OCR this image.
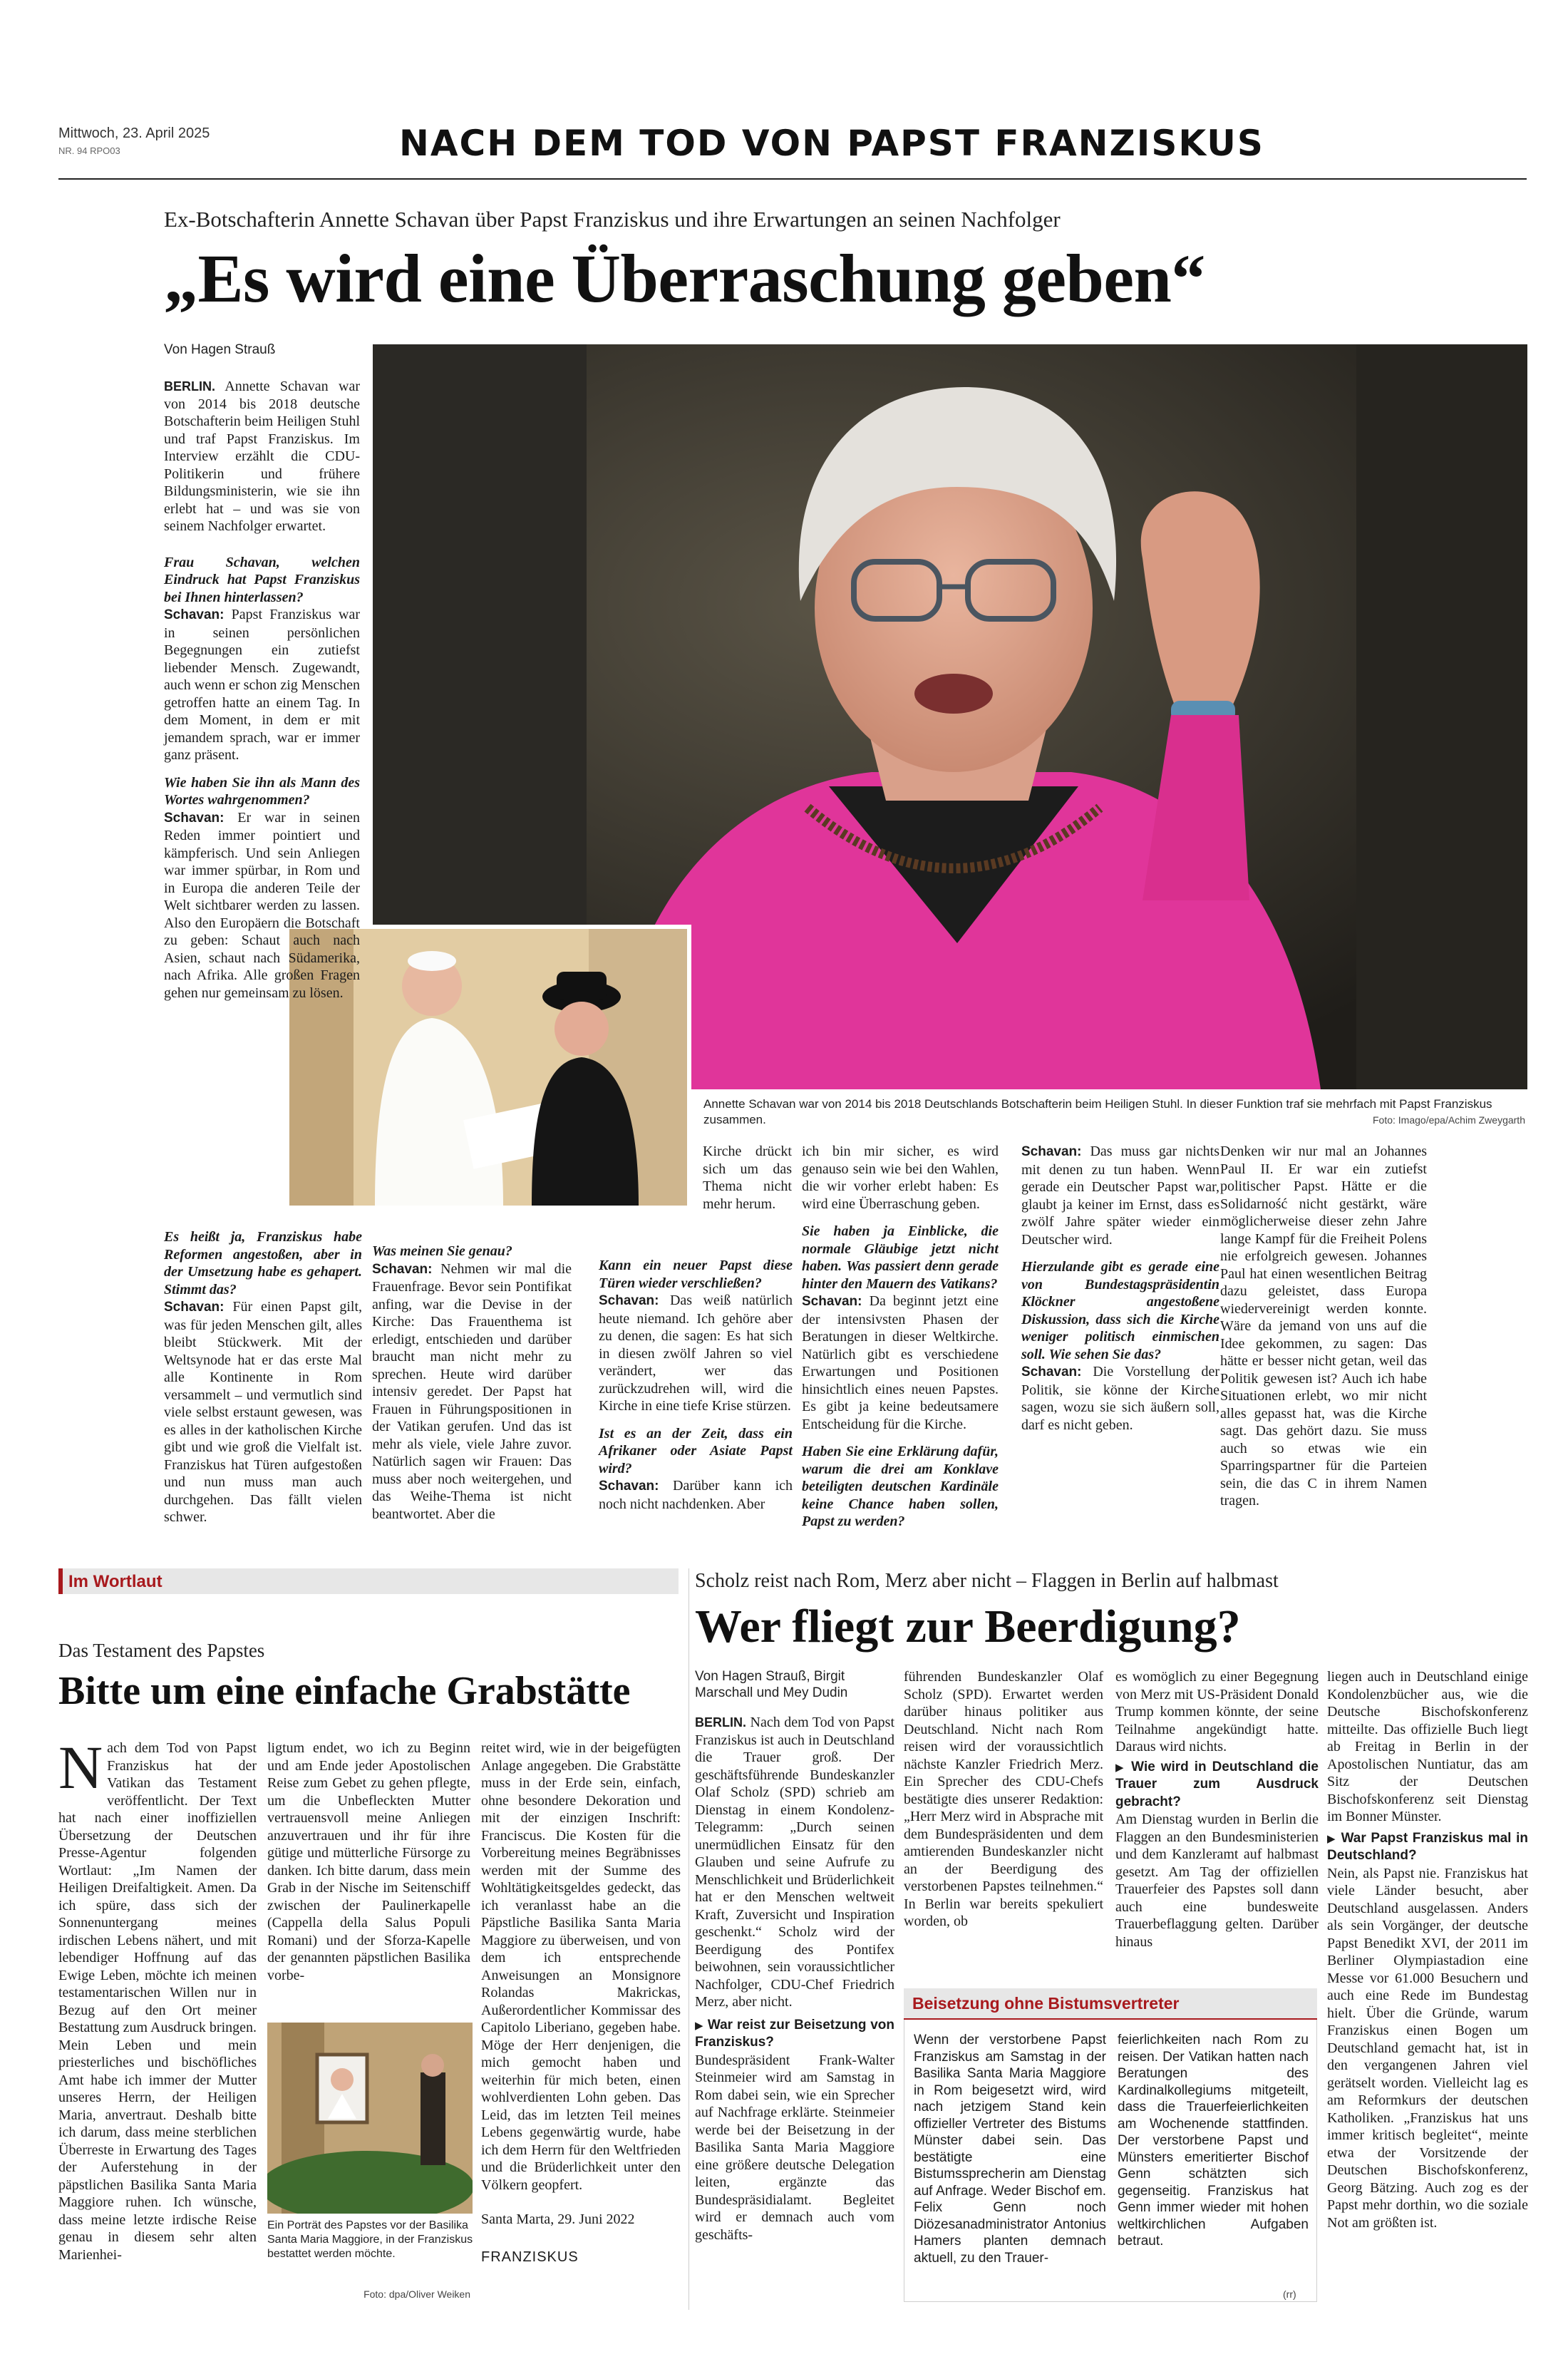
Mittwoch, 23. April 2025
NR. 94 RPO03	NACH DEM TOD VON PAPST FRANZISKUS
Ex-Botschafterin Annette Schavan über Papst Franziskus und ihre Erwartungen an seinen Nachfolger
„Es wird eine Überraschung geben“
Annette Schavan war von 2014 bis 2018 Deutschlands Botschafterin beim Heiligen Stuhl. In dieser Funktion traf sie mehrfach mit Papst Franziskus zusammen.	Foto: Imago/epa/Achim Zweygarth
Von Hagen Strauß

BERLIN. Annette Schavan war von 2014 bis 2018 deutsche Botschafterin beim Heiligen Stuhl und traf Papst Franziskus. Im Interview erzählt die CDU-Politikerin und frühere Bildungsministerin, wie sie ihn erlebt hat – und was sie von seinem Nachfolger erwartet.

Frau Schavan, welchen Eindruck hat Papst Franziskus bei Ihnen hinterlassen?

Schavan: Papst Franziskus war in seinen persönlichen Begegnungen ein zutiefst liebender Mensch. Zugewandt, auch wenn er schon zig Menschen getroffen hatte an einem Tag. In dem Moment, in dem er mit jemandem sprach, war er immer ganz präsent.

Wie haben Sie ihn als Mann des Wortes wahrgenommen?

Schavan: Er war in seinen Reden immer pointiert und kämpferisch. Und sein Anliegen war immer spürbar, in Rom und in Europa die anderen Teile der Welt sichtbarer werden zu lassen. Also den Europäern die Botschaft zu geben: Schaut auch nach Asien, schaut nach Südamerika, nach Afrika. Alle großen Fragen gehen nur gemeinsam zu lösen.

Es heißt ja, Franziskus habe Reformen angestoßen, aber in der Umsetzung habe es gehapert. Stimmt das?

Schavan: Für einen Papst gilt, was für jeden Menschen gilt, alles bleibt Stückwerk. Mit der Weltsynode hat er das erste Mal alle Kontinente in Rom versammelt – und vermutlich sind viele selbst erstaunt gewesen, was es alles in der katholischen Kirche gibt und wie groß die Vielfalt ist. Franziskus hat Türen aufgestoßen und nun muss man auch durchgehen. Das fällt vielen schwer.

Was meinen Sie genau?

Schavan: Nehmen wir mal die Frauenfrage. Bevor sein Pontifikat anfing, war die Devise in der Kirche: Das Frauenthema ist erledigt, entschieden und darüber braucht man nicht mehr zu sprechen. Heute wird darüber intensiv geredet. Der Papst hat Frauen in Führungspositionen in der Vatikan gerufen. Und das ist mehr als viele, viele Jahre zuvor. Natürlich sagen wir Frauen: Das muss aber noch weitergehen, und das Weihe-Thema ist nicht beantwortet. Aber die

Kirche drückt sich um das Thema nicht mehr herum.

Kann ein neuer Papst diese Türen wieder verschließen?

Schavan: Das weiß natürlich heute niemand. Ich gehöre aber zu denen, die sagen: Es hat sich in diesen zwölf Jahren so viel verändert, wer das zurückzudrehen will, wird die Kirche in eine tiefe Krise stürzen.

Ist es an der Zeit, dass ein Afrikaner oder Asiate Papst wird?

Schavan: Darüber kann ich noch nicht nachdenken. Aber

ich bin mir sicher, es wird genauso sein wie bei den Wahlen, die wir vorher erlebt haben: Es wird eine Überraschung geben.

Sie haben ja Einblicke, die normale Gläubige jetzt nicht haben. Was passiert denn gerade hinter den Mauern des Vatikans?

Schavan: Da beginnt jetzt eine der intensivsten Phasen der Beratungen in dieser Weltkirche. Natürlich gibt es verschiedene Erwartungen und Positionen hinsichtlich eines neuen Papstes. Es gibt ja keine bedeutsamere Entscheidung für die Kirche.

Haben Sie eine Erklärung dafür, warum die drei am Konklave beteiligten deutschen Kardinäle keine Chance haben sollen, Papst zu werden?

Schavan: Das muss gar nichts mit denen zu tun haben. Wenn gerade ein Deutscher Papst war, glaubt ja keiner im Ernst, dass es zwölf Jahre später wieder ein Deutscher wird.

Hierzulande gibt es gerade eine von Bundestagspräsidentin Klöckner angestoßene Diskussion, dass sich die Kirche weniger politisch einmischen soll. Wie sehen Sie das?

Schavan: Die Vorstellung der Politik, sie könne der Kirche sagen, wozu sie sich äußern soll, darf es nicht geben.

Denken wir nur mal an Johannes Paul II. Er war ein zutiefst politischer Papst. Hätte er die Solidarność nicht gestärkt, wäre möglicherweise dieser zehn Jahre lange Kampf für die Freiheit Polens nie erfolgreich gewesen. Johannes Paul hat einen wesentlichen Beitrag dazu geleistet, dass Europa wiedervereinigt werden konnte. Wäre da jemand von uns auf die Idee gekommen, zu sagen: Das hätte er besser nicht getan, weil das Politik gewesen ist? Auch ich habe Situationen erlebt, wo mir nicht alles gepasst hat, was die Kirche sagt. Das gehört dazu. Sie muss auch so etwas wie ein Sparringspartner für die Parteien sein, die das C in ihrem Namen tragen.

Im Wortlaut
Das Testament des Papstes
Bitte um eine einfache Grabstätte

Nach dem Tod von Papst Franziskus hat der Vatikan das Testament veröffentlicht. Der Text hat nach einer inoffiziellen Übersetzung der Deutschen Presse-Agentur folgenden Wortlaut: „Im Namen der Heiligen Dreifaltigkeit. Amen. Da ich spüre, dass sich der Sonnenuntergang meines irdischen Lebens nähert, und mit lebendiger Hoffnung auf das Ewige Leben, möchte ich meinen testamentarischen Willen nur in Bezug auf den Ort meiner Bestattung zum Ausdruck bringen. Mein Leben und mein priesterliches und bischöfliches Amt habe ich immer der Mutter unseres Herrn, der Heiligen Maria, anvertraut. Deshalb bitte ich darum, dass meine sterblichen Überreste in Erwartung des Tages der Auferstehung in der päpstlichen Basilika Santa Maria Maggiore ruhen. Ich wünsche, dass meine letzte irdische Reise genau in diesem sehr alten Marienhei-

ligtum endet, wo ich zu Beginn und am Ende jeder Apostolischen Reise zum Gebet zu gehen pflegte, um die Unbefleckten Mutter vertrauensvoll meine Anliegen anzuvertrauen und ihr für ihre gütige und mütterliche Fürsorge zu danken. Ich bitte darum, dass mein Grab in der Nische im Seitenschiff zwischen der Paulinerkapelle (Cappella della Salus Populi Romani) und der Sforza-Kapelle der genannten päpstlichen Basilika vorbe-

Ein Porträt des Papstes vor der Basilika Santa Maria Maggiore, in der Franziskus bestattet werden möchte.
Foto: dpa/Oliver Weiken

reitet wird, wie in der beigefügten Anlage angegeben. Die Grabstätte muss in der Erde sein, einfach, ohne besondere Dekoration und mit der einzigen Inschrift: Franciscus. Die Kosten für die Vorbereitung meines Begräbnisses werden mit der Summe des Wohltätigkeitsgeldes gedeckt, das ich veranlasst habe an die Päpstliche Basilika Santa Maria Maggiore zu überweisen, und von dem ich entsprechende Anweisungen an Monsignore Rolandas Makrickas, Außerordentlicher Kommissar des Capitolo Liberiano, gegeben habe. Möge der Herr denjenigen, die mich gemocht haben und weiterhin für mich beten, einen wohlverdienten Lohn geben. Das Leid, das im letzten Teil meines Lebens gegenwärtig wurde, habe ich dem Herrn für den Weltfrieden und die Brüderlichkeit unter den Völkern geopfert.

Santa Marta, 29. Juni 2022

FRANZISKUS

Scholz reist nach Rom, Merz aber nicht – Flaggen in Berlin auf halbmast
Wer fliegt zur Beerdigung?

Von Hagen Strauß, Birgit Marschall und Mey Dudin

BERLIN. Nach dem Tod von Papst Franziskus ist auch in Deutschland die Trauer groß. Der geschäftsführende Bundeskanzler Olaf Scholz (SPD) schrieb am Dienstag in einem Kondolenz-Telegramm: „Durch seinen unermüdlichen Einsatz für den Glauben und seine Aufrufe zu Menschlichkeit und Brüderlichkeit hat er den Menschen weltweit Kraft, Zuversicht und Inspiration geschenkt.“ Scholz wird der Beerdigung des Pontifex beiwohnen, sein voraussichtlicher Nachfolger, CDU-Chef Friedrich Merz, aber nicht.

▶ War reist zur Beisetzung von Franziskus?

Bundespräsident Frank-Walter Steinmeier wird am Samstag in Rom dabei sein, wie ein Sprecher auf Nachfrage erklärte. Steinmeier werde bei der Beisetzung in der Basilika Santa Maria Maggiore eine größere deutsche Delegation leiten, ergänzte das Bundespräsidialamt. Begleitet wird er demnach auch vom geschäfts-

führenden Bundeskanzler Olaf Scholz (SPD). Erwartet werden darüber hinaus politiker aus Deutschland. Nicht nach Rom reisen wird der voraussichtlich nächste Kanzler Friedrich Merz. Ein Sprecher des CDU-Chefs bestätigte dies unserer Redaktion: „Herr Merz wird in Absprache mit dem Bundespräsidenten und dem amtierenden Bundeskanzler nicht an der Beerdigung des verstorbenen Papstes teilnehmen.“ In Berlin war bereits spekuliert worden, ob

es womöglich zu einer Begegnung von Merz mit US-Präsident Donald Trump kommen könnte, der seine Teilnahme angekündigt hatte. Daraus wird nichts.

▶ Wie wird in Deutschland die Trauer zum Ausdruck gebracht?

Am Dienstag wurden in Berlin die Flaggen an den Bundesministerien und dem Kanzleramt auf halbmast gesetzt. Am Tag der offiziellen Trauerfeier des Papstes soll dann auch eine bundesweite Trauerbeflaggung gelten. Darüber hinaus

liegen auch in Deutschland einige Kondolenzbücher aus, wie die Deutsche Bischofskonferenz mitteilte. Das offizielle Buch liegt ab Freitag in Berlin in der Apostolischen Nuntiatur, das am Sitz der Deutschen Bischofskonferenz seit Dienstag im Bonner Münster.

▶ War Papst Franziskus mal in Deutschland?

Nein, als Papst nie. Franziskus hat viele Länder besucht, aber Deutschland ausgelassen. Anders als sein Vorgänger, der deutsche Papst Benedikt XVI, der 2011 im Berliner Olympiastadion eine Messe vor 61.000 Besuchern und auch eine Rede im Bundestag hielt. Über die Gründe, warum Franziskus einen Bogen um Deutschland gemacht hat, ist in den vergangenen Jahren viel gerätselt worden. Vielleicht lag es am Reformkurs der deutschen Katholiken. „Franziskus hat uns immer kritisch begleitet“, meinte etwa der Vorsitzende der Deutschen Bischofskonferenz, Georg Bätzing. Auch zog es der Papst mehr dorthin, wo die soziale Not am größten ist.

Beisetzung ohne Bistumsvertreter

Wenn der verstorbene Papst Franziskus am Samstag in der Basilika Santa Maria Maggiore in Rom beigesetzt wird, wird nach jetzigem Stand kein offizieller Vertreter des Bistums Münster dabei sein. Das bestätigte eine Bistumssprecherin am Dienstag auf Anfrage. Weder Bischof em. Felix Genn noch Diözesanadministrator Antonius Hamers planten demnach aktuell, zu den Trauer-

feierlichkeiten nach Rom zu reisen. Der Vatikan hatten nach Beratungen des Kardinalkollegiums mitgeteilt, dass die Trauerfeierlichkeiten am Wochenende stattfinden. Der verstorbene Papst und Münsters emeritierter Bischof Genn schätzten sich gegenseitig. Franziskus hat Genn immer wieder mit hohen weltkirchlichen Aufgaben betraut.

(rr)
